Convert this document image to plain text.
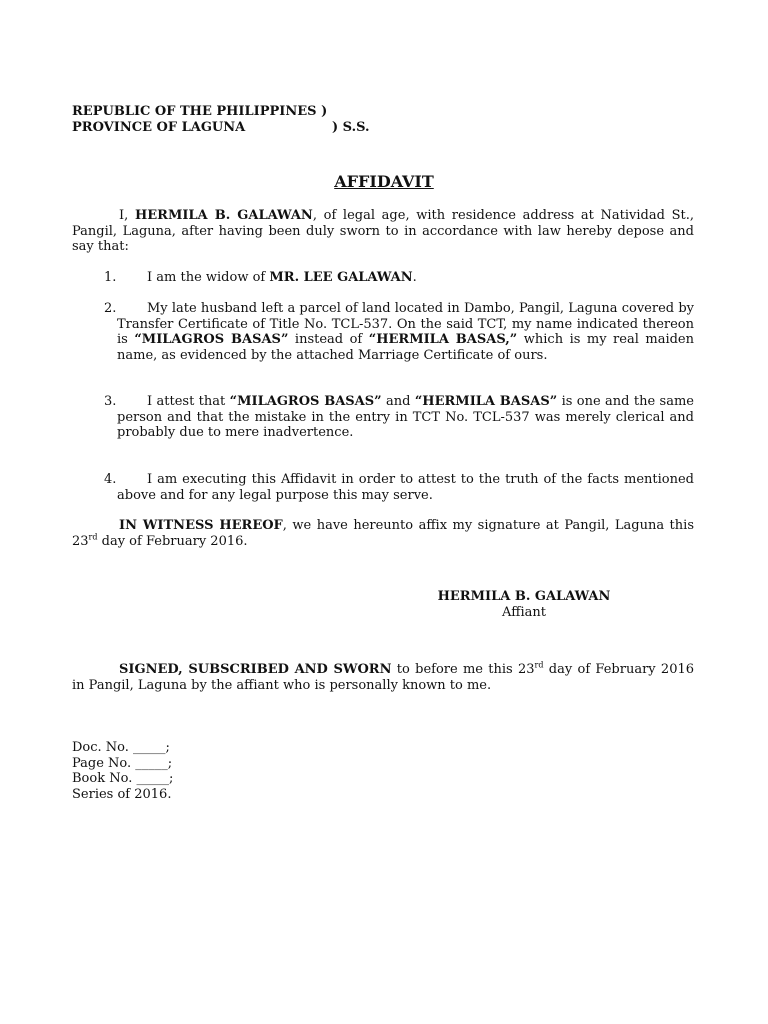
REPUBLIC OF THE PHILIPPINES )
PROVINCE OF LAGUNA	) S.S.
AFFIDAVIT
I, HERMILA B. GALAWAN, of legal age, with residence address at Natividad St., Pangil, Laguna, after having been duly sworn to in accordance with law hereby depose and say that:
1. I am the widow of MR. LEE GALAWAN.
2. My late husband left a parcel of land located in Dambo, Pangil, Laguna covered by Transfer Certificate of Title No. TCL-537. On the said TCT, my name indicated thereon is “MILAGROS BASAS” instead of “HERMILA BASAS,” which is my real maiden name, as evidenced by the attached Marriage Certificate of ours.
3. I attest that “MILAGROS BASAS” and “HERMILA BASAS” is one and the same person and that the mistake in the entry in TCT No. TCL-537 was merely clerical and probably due to mere inadvertence.
4. I am executing this Affidavit in order to attest to the truth of the facts mentioned above and for any legal purpose this may serve.
IN WITNESS HEREOF, we have hereunto affix my signature at Pangil, Laguna this 23rd day of February 2016.
HERMILA B. GALAWAN
Affiant
SIGNED, SUBSCRIBED AND SWORN to before me this 23rd day of February 2016 in Pangil, Laguna by the affiant who is personally known to me.
Doc. No. _____;
Page No. _____;
Book No. _____;
Series of 2016.
